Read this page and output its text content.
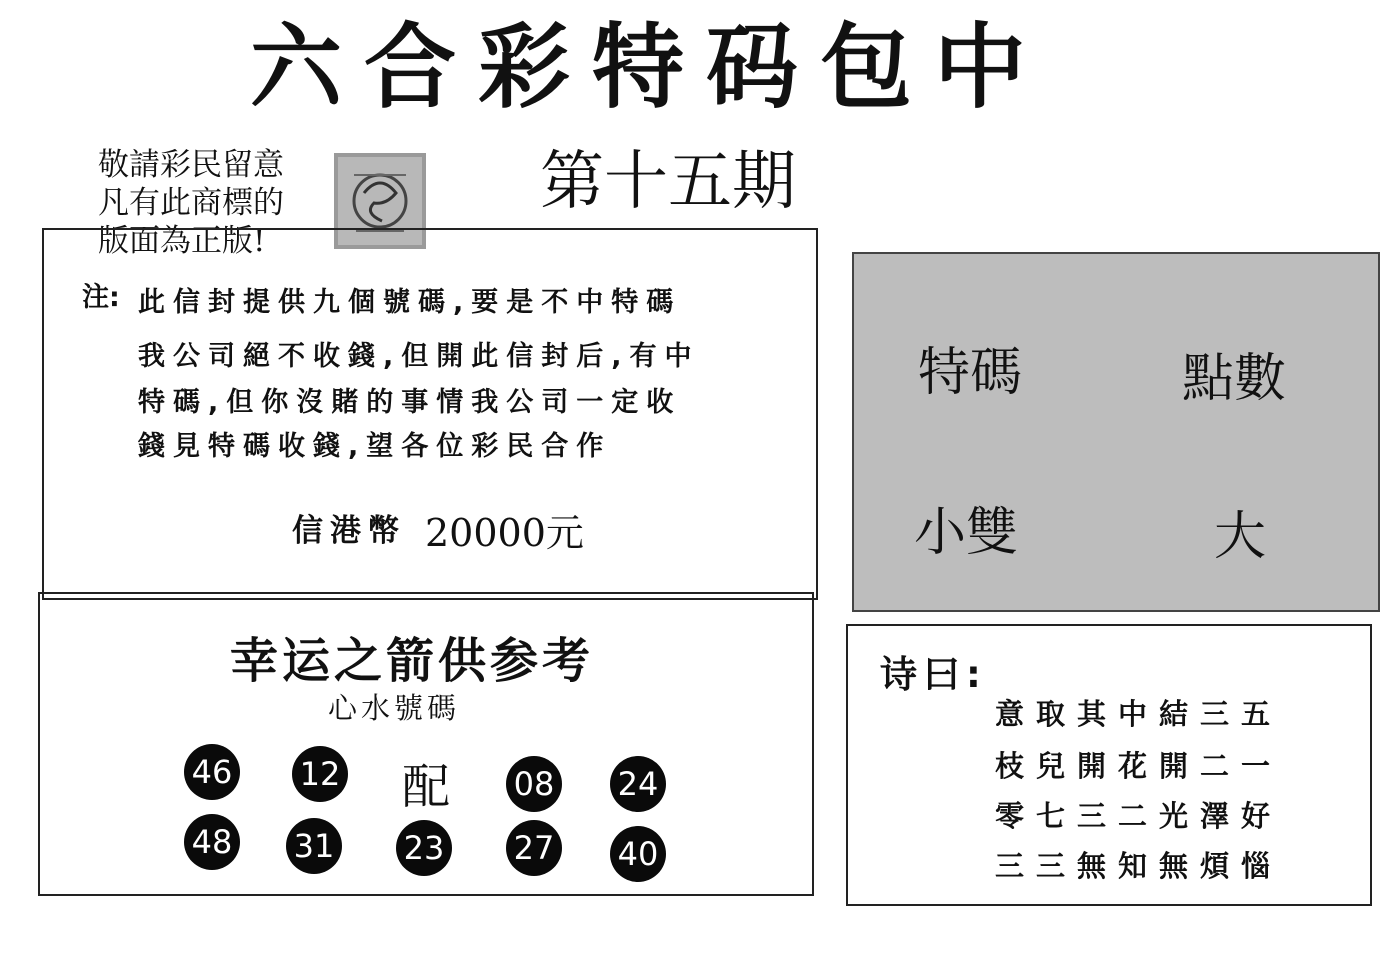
六合彩特码包中
敬請彩民留意
凡有此商標的
版面為正版!
第十五期
注: 此信封提供九個號碼,要是不中特碼
我公司絕不收錢,但開此信封后,有中
特碼,但你沒賭的事情我公司一定收
錢見特碼收錢,望各位彩民合作
信港幣 20000元
特碼	點數
小雙	大
幸运之箭供参考
心水號碼
46 12 配 08 24
48 31 23 27 40
诗曰:
意取其中結三五
枝兒開花開二一
零七三二光澤好
三三無知無煩惱
